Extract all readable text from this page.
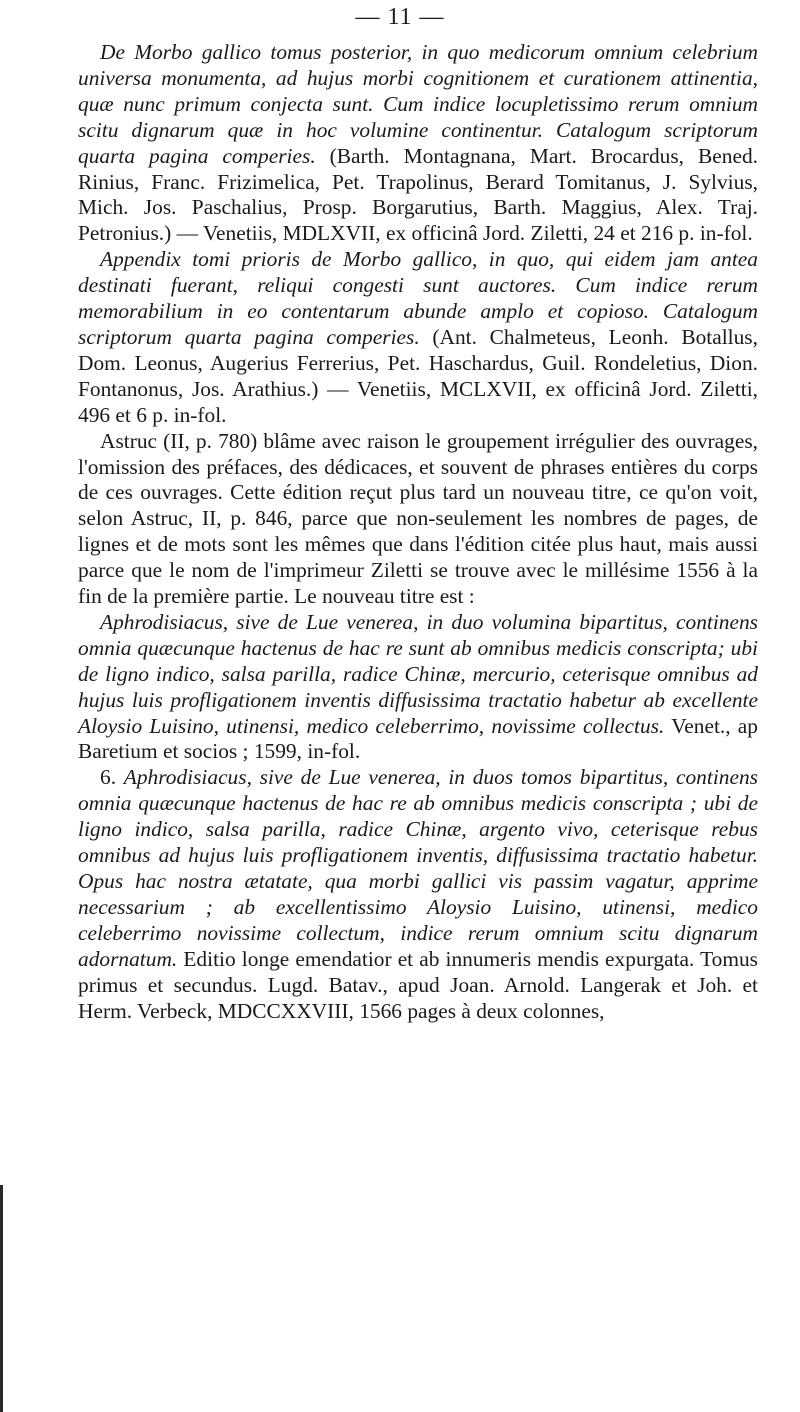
— 11 —

De Morbo gallico tomus posterior, in quo medicorum omnium celebrium universa monumenta, ad hujus morbi cognitionem et curationem attinentia, quæ nunc primum conjecta sunt. Cum indice locupletissimo rerum omnium scitu dignarum quæ in hoc volumine continentur. Catalogum scriptorum quarta pagina comperies. (Barth. Montagnana, Mart. Brocardus, Bened. Rinius, Franc. Frizimelica, Pet. Trapolinus, Berard Tomitanus, J. Sylvius, Mich. Jos. Paschalius, Prosp. Borgarutius, Barth. Maggius, Alex. Traj. Petronius.) — Venetiis, MDLXVII, ex officinâ Jord. Ziletti, 24 et 216 p. in-fol.

Appendix tomi prioris de Morbo gallico, in quo, qui eidem jam antea destinati fuerant, reliqui congesti sunt auctores. Cum indice rerum memorabilium in eo contentarum abunde amplo et copioso. Catalogum scriptorum quarta pagina comperies. (Ant. Chalmeteus, Leonh. Botallus, Dom. Leonus, Augerius Ferrerius, Pet. Haschardus, Guil. Rondeletius, Dion. Fontanonus, Jos. Arathius.) — Venetiis, MCLXVII, ex officinâ Jord. Ziletti, 496 et 6 p. in-fol.

Astruc (II, p. 780) blâme avec raison le groupement irrégulier des ouvrages, l'omission des préfaces, des dédicaces, et souvent de phrases entières du corps de ces ouvrages. Cette édition reçut plus tard un nouveau titre, ce qu'on voit, selon Astruc, II, p. 846, parce que non-seulement les nombres de pages, de lignes et de mots sont les mêmes que dans l'édition citée plus haut, mais aussi parce que le nom de l'imprimeur Ziletti se trouve avec le millésime 1556 à la fin de la première partie. Le nouveau titre est :

Aphrodisiacus, sive de Lue venerea, in duo volumina bipartitus, continens omnia quæcunque hactenus de hac re sunt ab omnibus medicis conscripta; ubi de ligno indico, salsa parilla, radice Chinæ, mercurio, ceterisque omnibus ad hujus luis profligationem inventis diffusissima tractatio habetur ab excellente Aloysio Luisino, utinensi, medico celeberrimo, novissime collectus. Venet., ap Baretium et socios ; 1599, in-fol.

6. Aphrodisiacus, sive de Lue venerea, in duos tomos bipartitus, continens omnia quæcunque hactenus de hac re ab omnibus medicis conscripta ; ubi de ligno indico, salsa parilla, radice Chinæ, argento vivo, ceterisque rebus omnibus ad hujus luis profligationem inventis, diffusissima tractatio habetur. Opus hac nostra ætatate, qua morbi gallici vis passim vagatur, apprime necessarium ; ab excellentissimo Aloysio Luisino, utinensi, medico celeberrimo novissime collectum, indice rerum omnium scitu dignarum adornatum. Editio longe emendatior et ab innumeris mendis expurgata. Tomus primus et secundus. Lugd. Batav., apud Joan. Arnold. Langerak et Joh. et Herm. Verbeck, MDCCXXVIII, 1566 pages à deux colonnes,
